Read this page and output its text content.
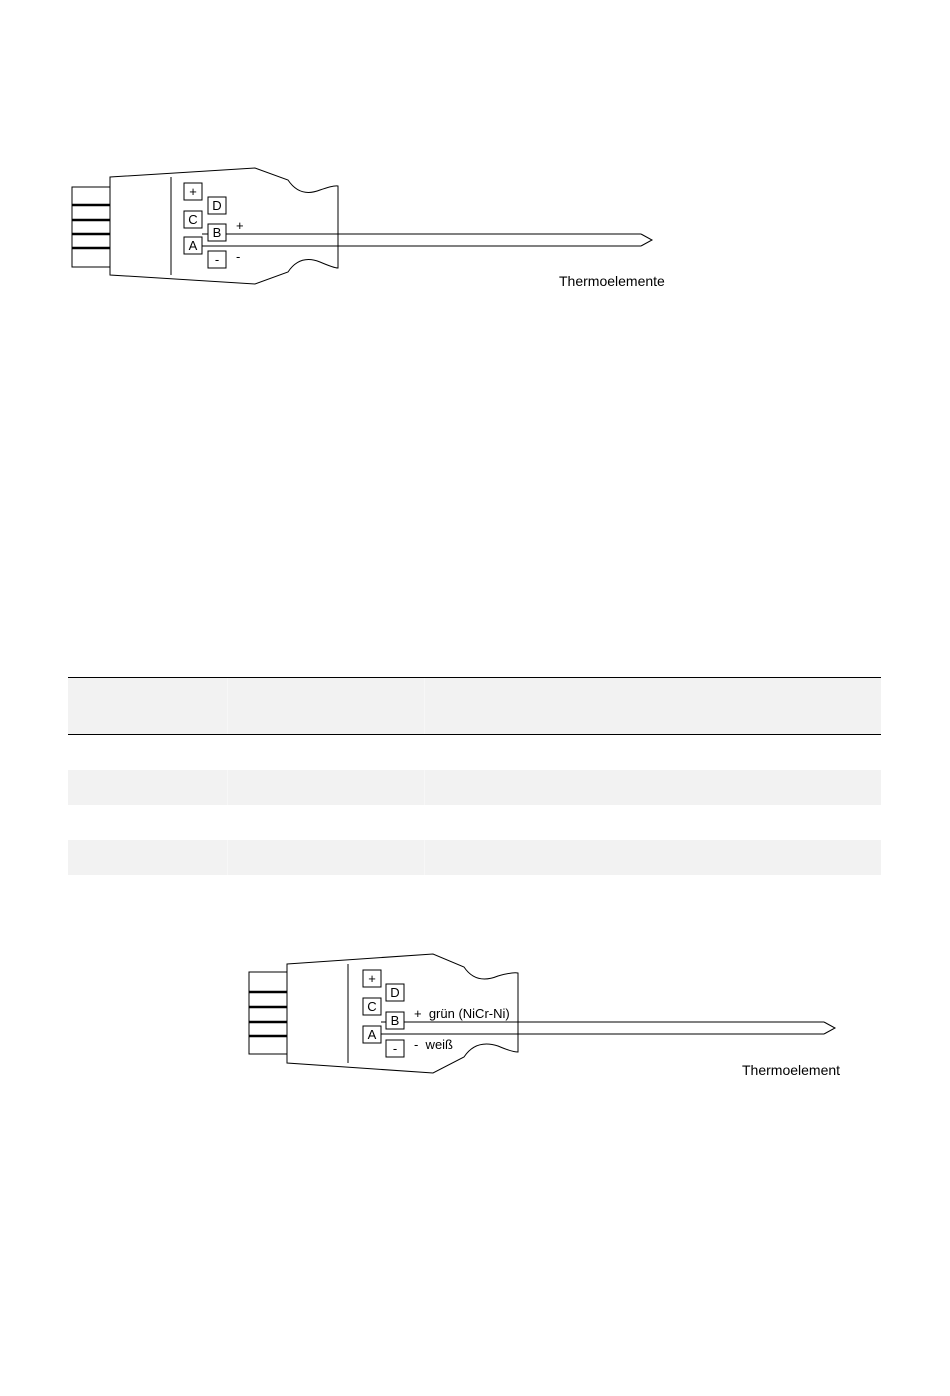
+
D
C
B
A
-
+
-
Thermoelemente
+
D
C
B
A
-
+  grün (NiCr-Ni)
-  weiß
Thermoelement
